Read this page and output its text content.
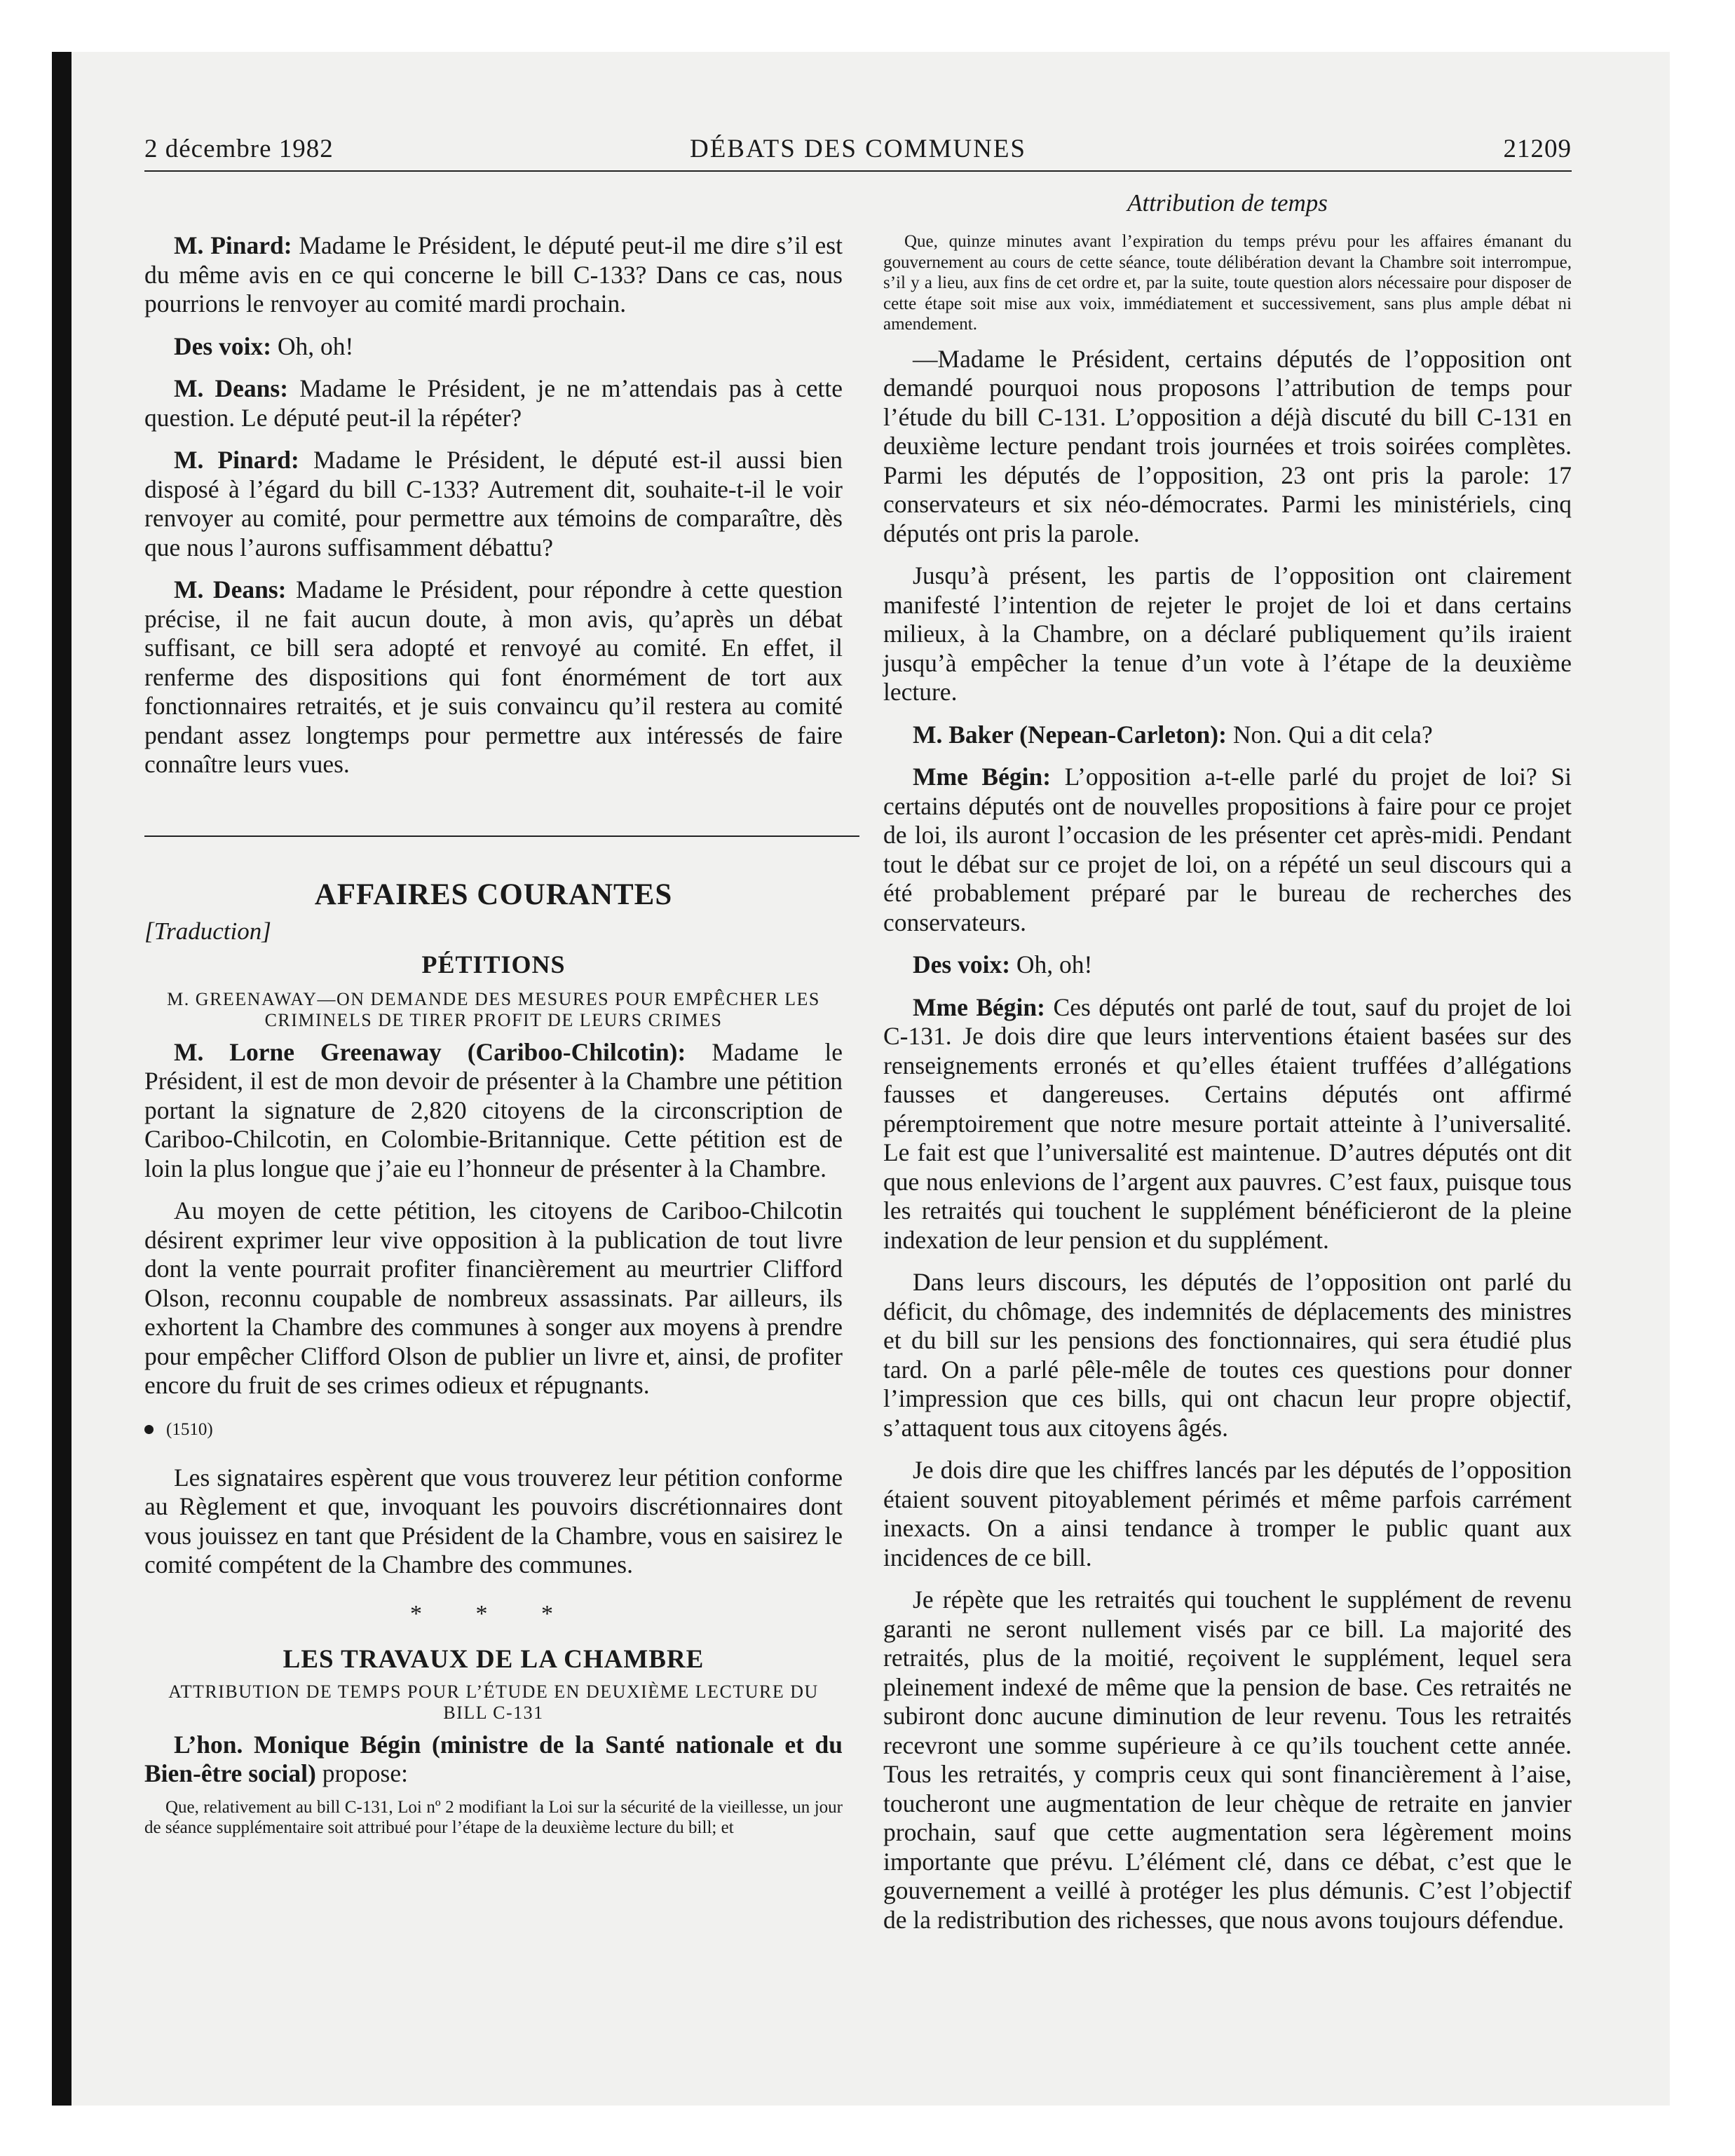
2 décembre 1982	DÉBATS DES COMMUNES	21209

M. Pinard: Madame le Président, le député peut-il me dire s’il est du même avis en ce qui concerne le bill C-133? Dans ce cas, nous pourrions le renvoyer au comité mardi prochain.

Des voix: Oh, oh!

M. Deans: Madame le Président, je ne m’attendais pas à cette question. Le député peut-il la répéter?

M. Pinard: Madame le Président, le député est-il aussi bien disposé à l’égard du bill C-133? Autrement dit, souhaite-t-il le voir renvoyer au comité, pour permettre aux témoins de comparaître, dès que nous l’aurons suffisamment débattu?

M. Deans: Madame le Président, pour répondre à cette question précise, il ne fait aucun doute, à mon avis, qu’après un débat suffisant, ce bill sera adopté et renvoyé au comité. En effet, il renferme des dispositions qui font énormément de tort aux fonctionnaires retraités, et je suis convaincu qu’il restera au comité pendant assez longtemps pour permettre aux intéressés de faire connaître leurs vues.

AFFAIRES COURANTES
[Traduction]
PÉTITIONS
M. GREENAWAY—ON DEMANDE DES MESURES POUR EMPÊCHER LES CRIMINELS DE TIRER PROFIT DE LEURS CRIMES

M. Lorne Greenaway (Cariboo-Chilcotin): Madame le Président, il est de mon devoir de présenter à la Chambre une pétition portant la signature de 2,820 citoyens de la circonscription de Cariboo-Chilcotin, en Colombie-Britannique. Cette pétition est de loin la plus longue que j’aie eu l’honneur de présenter à la Chambre.

Au moyen de cette pétition, les citoyens de Cariboo-Chilcotin désirent exprimer leur vive opposition à la publication de tout livre dont la vente pourrait profiter financièrement au meurtrier Clifford Olson, reconnu coupable de nombreux assassinats. Par ailleurs, ils exhortent la Chambre des communes à songer aux moyens à prendre pour empêcher Clifford Olson de publier un livre et, ainsi, de profiter encore du fruit de ses crimes odieux et répugnants.

(1510)

Les signataires espèrent que vous trouverez leur pétition conforme au Règlement et que, invoquant les pouvoirs discrétionnaires dont vous jouissez en tant que Président de la Chambre, vous en saisirez le comité compétent de la Chambre des communes.

* * *
LES TRAVAUX DE LA CHAMBRE
ATTRIBUTION DE TEMPS POUR L’ÉTUDE EN DEUXIÈME LECTURE DU BILL C-131

L’hon. Monique Bégin (ministre de la Santé nationale et du Bien-être social) propose:

Que, relativement au bill C-131, Loi nº 2 modifiant la Loi sur la sécurité de la vieillesse, un jour de séance supplémentaire soit attribué pour l’étape de la deuxième lecture du bill; et

Attribution de temps

Que, quinze minutes avant l’expiration du temps prévu pour les affaires émanant du gouvernement au cours de cette séance, toute délibération devant la Chambre soit interrompue, s’il y a lieu, aux fins de cet ordre et, par la suite, toute question alors nécessaire pour disposer de cette étape soit mise aux voix, immédiatement et successivement, sans plus ample débat ni amendement.

—Madame le Président, certains députés de l’opposition ont demandé pourquoi nous proposons l’attribution de temps pour l’étude du bill C-131. L’opposition a déjà discuté du bill C-131 en deuxième lecture pendant trois journées et trois soirées complètes. Parmi les députés de l’opposition, 23 ont pris la parole: 17 conservateurs et six néo-démocrates. Parmi les ministériels, cinq députés ont pris la parole.

Jusqu’à présent, les partis de l’opposition ont clairement manifesté l’intention de rejeter le projet de loi et dans certains milieux, à la Chambre, on a déclaré publiquement qu’ils iraient jusqu’à empêcher la tenue d’un vote à l’étape de la deuxième lecture.

M. Baker (Nepean-Carleton): Non. Qui a dit cela?

Mme Bégin: L’opposition a-t-elle parlé du projet de loi? Si certains députés ont de nouvelles propositions à faire pour ce projet de loi, ils auront l’occasion de les présenter cet après-midi. Pendant tout le débat sur ce projet de loi, on a répété un seul discours qui a été probablement préparé par le bureau de recherches des conservateurs.

Des voix: Oh, oh!

Mme Bégin: Ces députés ont parlé de tout, sauf du projet de loi C-131. Je dois dire que leurs interventions étaient basées sur des renseignements erronés et qu’elles étaient truffées d’allégations fausses et dangereuses. Certains députés ont affirmé péremptoirement que notre mesure portait atteinte à l’universalité. Le fait est que l’universalité est maintenue. D’autres députés ont dit que nous enlevions de l’argent aux pauvres. C’est faux, puisque tous les retraités qui touchent le supplément bénéficieront de la pleine indexation de leur pension et du supplément.

Dans leurs discours, les députés de l’opposition ont parlé du déficit, du chômage, des indemnités de déplacements des ministres et du bill sur les pensions des fonctionnaires, qui sera étudié plus tard. On a parlé pêle-mêle de toutes ces questions pour donner l’impression que ces bills, qui ont chacun leur propre objectif, s’attaquent tous aux citoyens âgés.

Je dois dire que les chiffres lancés par les députés de l’opposition étaient souvent pitoyablement périmés et même parfois carrément inexacts. On a ainsi tendance à tromper le public quant aux incidences de ce bill.

Je répète que les retraités qui touchent le supplément de revenu garanti ne seront nullement visés par ce bill. La majorité des retraités, plus de la moitié, reçoivent le supplément, lequel sera pleinement indexé de même que la pension de base. Ces retraités ne subiront donc aucune diminution de leur revenu. Tous les retraités recevront une somme supérieure à ce qu’ils touchent cette année. Tous les retraités, y compris ceux qui sont financièrement à l’aise, toucheront une augmentation de leur chèque de retraite en janvier prochain, sauf que cette augmentation sera légèrement moins importante que prévu. L’élément clé, dans ce débat, c’est que le gouvernement a veillé à protéger les plus démunis. C’est l’objectif de la redistribution des richesses, que nous avons toujours défendue.
